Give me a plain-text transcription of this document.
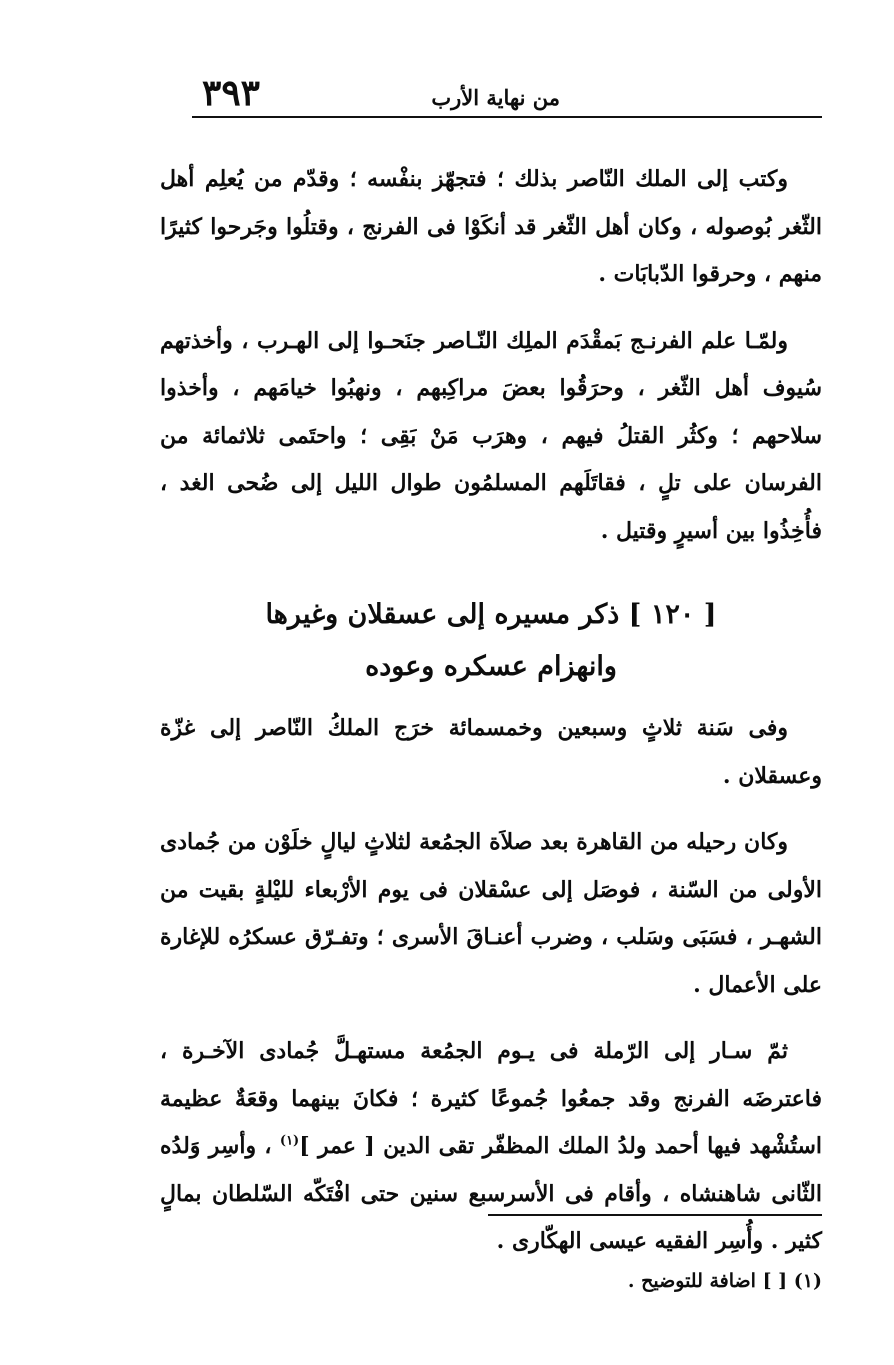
من نهاية الأرب
٣٩٣

وكتب إلى الملك النّاصر بذلك ؛ فتجهّز بنفْسه ؛ وقدّم من يُعلِم أهل الثّغر بُوصوله ، وكان أهل الثّغر قد أنكَوْا فى الفرنج ، وقتلُوا وجَرحوا كثيرًا منهم ، وحرقوا الدّبابَات .

ولمّـا علم الفرنـج بَمقْدَم الملِك النّـاصر جنَحـوا إلى الهـرب ، وأخذتهم سُيوف أهل الثّغر ، وحرَقُوا بعضَ مراكِبهم ، ونهبُوا خيامَهم ، وأخذوا سلاحهم ؛ وكثُر القتلُ فيهم ، وهرَب مَنْ بَقِى ؛ واحتَمى ثلاثمائة من الفرسان على تلٍ ، فقاتَلَهم المسلمُون طوال الليل إلى ضُحى الغد ، فأُخِذُوا بين أسيرٍ وقتيل .

[ ١٢٠ ] ذكر مسيره إلى عسقلان وغيرها
وانهزام عسكره وعوده

وفى سَنة ثلاثٍ وسبعين وخمسمائة خرَج الملكُ النّاصر إلى غزّة وعسقلان .

وكان رحيله من القاهرة بعد صلاَة الجمُعة لثلاثٍ ليالٍ خلَوْن من جُمادى الأولى من السّنة ، فوصَل إلى عسْقلان فى يوم الأرْبعاء لليْلةٍ بقيت من الشهـر ، فسَبَى وسَلب ، وضرب أعنـاقَ الأسرى ؛ وتفـرّق عسكرُه للإغارة على الأعمال .

ثمّ سـار إلى الرّملة فى يـوم الجمُعة مستهـلَّ جُمادى الآخـرة ، فاعترضَه الفرنج وقد جمعُوا جُموعًا كثيرة ؛ فكانَ بينهما وقعَةٌ عظيمة استُشْهد فيها أحمد ولدُ الملك المظفّر تقى الدين [ عمر ]$^{(١)}$ ، وأسِر وَلدُه الثّانى شاهنشاه ، وأقام فى الأسرسبع سنين حتى افْتَكّه السّلطان بمالٍ كثير . وأُسِر الفقيه عيسى الهكّارى .

(١) [ ] اضافة للتوضيح .
